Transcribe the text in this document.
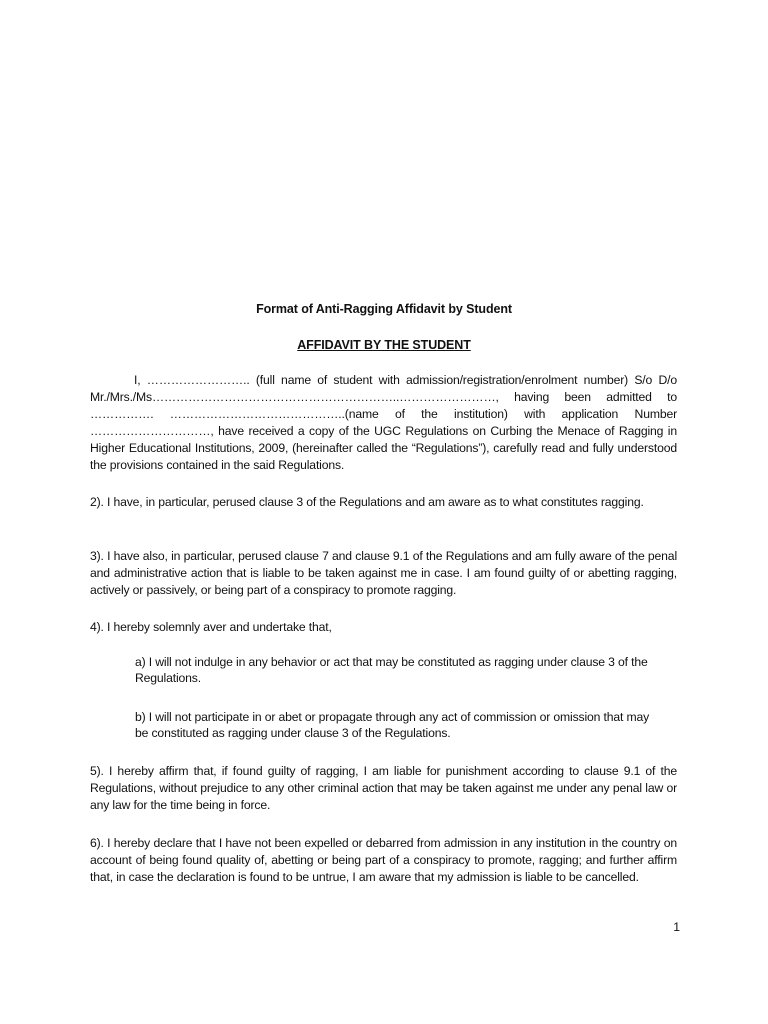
Format of Anti-Ragging Affidavit by Student
AFFIDAVIT BY THE STUDENT
I, …………………….. (full name of student with admission/registration/enrolment number) S/o D/o Mr./Mrs./Ms……………………………………………………..……………………, having been admitted to ……………. ……………………………………..(name of the institution) with application Number …………………………, have received a copy of the UGC Regulations on Curbing the Menace of Ragging in Higher Educational Institutions, 2009, (hereinafter called the “Regulations”), carefully read and fully understood the provisions contained in the said Regulations.
2). I have, in particular, perused clause 3 of the Regulations and am aware as to what constitutes ragging.
3). I have also, in particular, perused clause 7 and clause 9.1 of the Regulations and am fully aware of the penal and administrative action that is liable to be taken against me in case. I am found guilty of or abetting ragging, actively or passively, or being part of a conspiracy to promote ragging.
4). I hereby solemnly aver and undertake that,
a) I will not indulge in any behavior or act that may be constituted as ragging under clause 3 of the Regulations.
b) I will not participate in or abet or propagate through any act of commission or omission that may be constituted as ragging under clause 3 of the Regulations.
5). I hereby affirm that, if found guilty of ragging, I am liable for punishment according to clause 9.1 of the Regulations, without prejudice to any other criminal action that may be taken against me under any penal law or any law for the time being in force.
6). I hereby declare that I have not been expelled or debarred from admission in any institution in the country on account of being found quality of, abetting or being part of a conspiracy to promote, ragging; and further affirm that, in case the declaration is found to be untrue, I am aware that my admission is liable to be cancelled.
1
